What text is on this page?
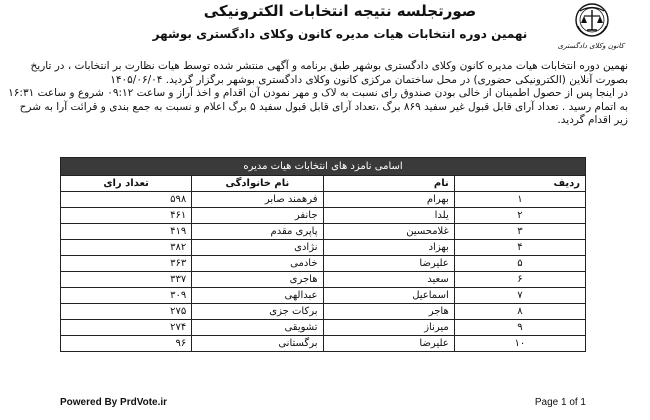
کانون وکلای دادگستری
صورتجلسه نتیجه انتخابات الکترونیکی
نهمین دوره انتخابات هیات مدیره کانون وکلای دادگستری بوشهر

نهمین دوره انتخابات هیات مدیره کانون وکلای دادگستری بوشهر طبق برنامه و آگهی منتشر شده توسط هیات نظارت بر انتخابات ، در تاریخ

بصورت آنلاین (الکترونیکی حضوری) در محل ساختمان مرکزی کانون وکلای دادگستری بوشهر برگزار گردید. ۱۴۰۵/۰۶/۰۴

در اینجا پس از حصول اطمینان از خالی بودن صندوق رای نسبت به لاک و مهر نمودن آن اقدام و اخذ آراز و ساعت ۰۹:۱۲ شروع و ساعت ۱۶:۳۱

به اتمام رسید . تعداد آرای قابل قبول غیر سفید ۸۶۹ برگ ،تعداد آرای قابل قبول سفید ۵ برگ اعلام و نسبت به جمع بندی و قرائت آرا به شرح

زیر اقدام گردید.

اسامی نامزد های انتخابات هیات مدیره			
ردیف	نام	نام خانوادگی	تعداد رای
۱	بهرام	فرهمند صابر	۵۹۸
۲	یلدا	جانفر	۴۶۱
۳	غلامحسین	پاپری مقدم	۴۱۹
۴	بهزاد	نژادی	۳۸۲
۵	علیرضا	خادمی	۳۶۳
۶	سعید	هاجری	۳۳۷
۷	اسماعیل	عبدالهی	۳۰۹
۸	هاجر	برکات جزی	۲۷۵
۹	میرناز	تشویقی	۲۷۴
۱۰	علیرضا	برگستانی	۹۶
Powered By PrdVote.ir	Page 1 of 1
